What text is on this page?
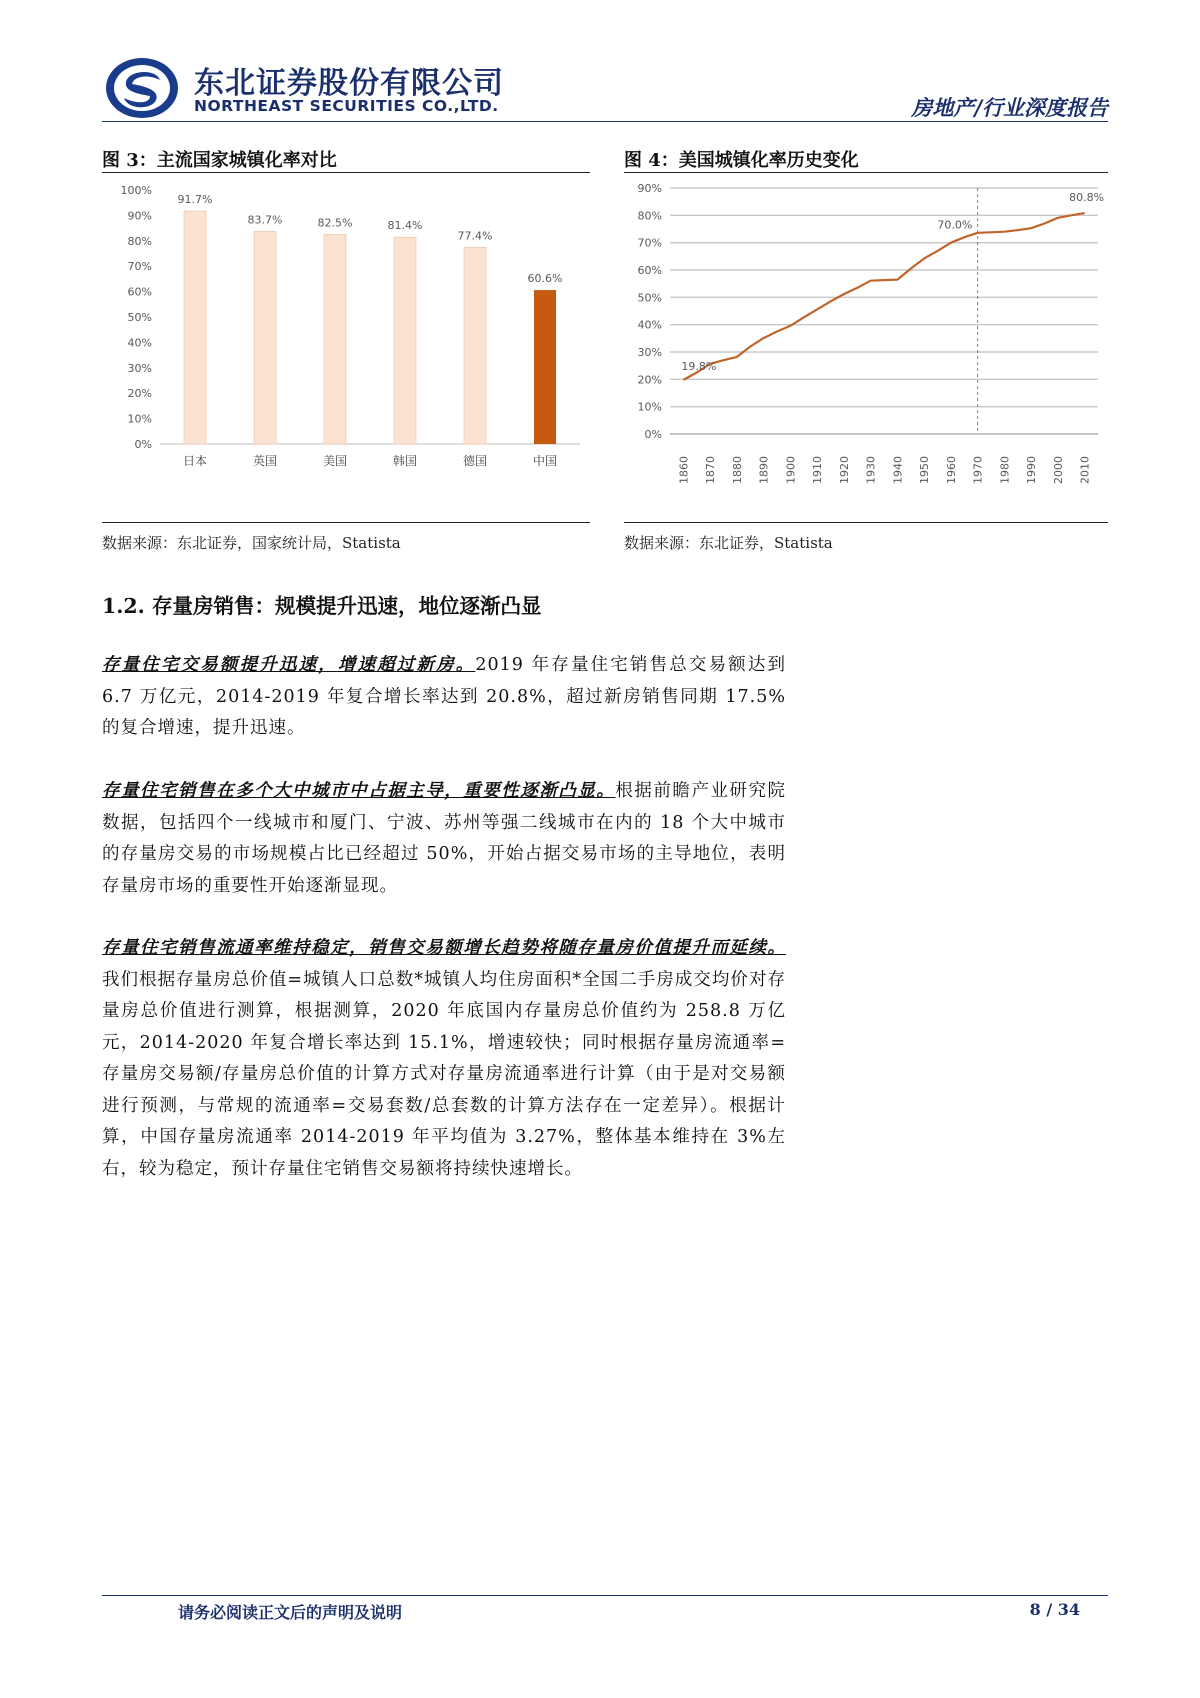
东北证券股份有限公司
NORTHEAST SECURITIES CO.,LTD.	房地产/行业深度报告
图 3：主流国家城镇化率对比
0%
10%
20%
30%
40%
50%
60%
70%
80%
90%
100%
91.7%
日本
83.7%
英国
82.5%
美国
81.4%
韩国
77.4%
德国
60.6%
中国
数据来源：东北证券，国家统计局，Statista
图 4：美国城镇化率历史变化
0%
10%
20%
30%
40%
50%
60%
70%
80%
90%
1860 1870 1880 1890 1900 1910 1920 1930 1940 1950 1960 1970 1980 1990 2000 2010
19.8%
70.0%
80.8%
数据来源：东北证券，Statista
1.2. 存量房销售：规模提升迅速，地位逐渐凸显

存量住宅交易额提升迅速，增速超过新房。2019 年存量住宅销售总交易额达到 6.7 万亿元，2014-2019 年复合增长率达到 20.8%，超过新房销售同期 17.5%的复合增速，提升迅速。

存量住宅销售在多个大中城市中占据主导，重要性逐渐凸显。根据前瞻产业研究院数据，包括四个一线城市和厦门、宁波、苏州等强二线城市在内的 18 个大中城市的存量房交易的市场规模占比已经超过 50%，开始占据交易市场的主导地位，表明存量房市场的重要性开始逐渐显现。

存量住宅销售流通率维持稳定，销售交易额增长趋势将随存量房价值提升而延续。我们根据存量房总价值=城镇人口总数*城镇人均住房面积*全国二手房成交均价对存量房总价值进行测算，根据测算，2020 年底国内存量房总价值约为 258.8 万亿元，2014-2020 年复合增长率达到 15.1%，增速较快；同时根据存量房流通率=存量房交易额/存量房总价值的计算方式对存量房流通率进行计算（由于是对交易额进行预测，与常规的流通率=交易套数/总套数的计算方法存在一定差异）。根据计算，中国存量房流通率 2014-2019 年平均值为 3.27%，整体基本维持在 3%左右，较为稳定，预计存量住宅销售交易额将持续快速增长。

请务必阅读正文后的声明及说明	8 / 34
